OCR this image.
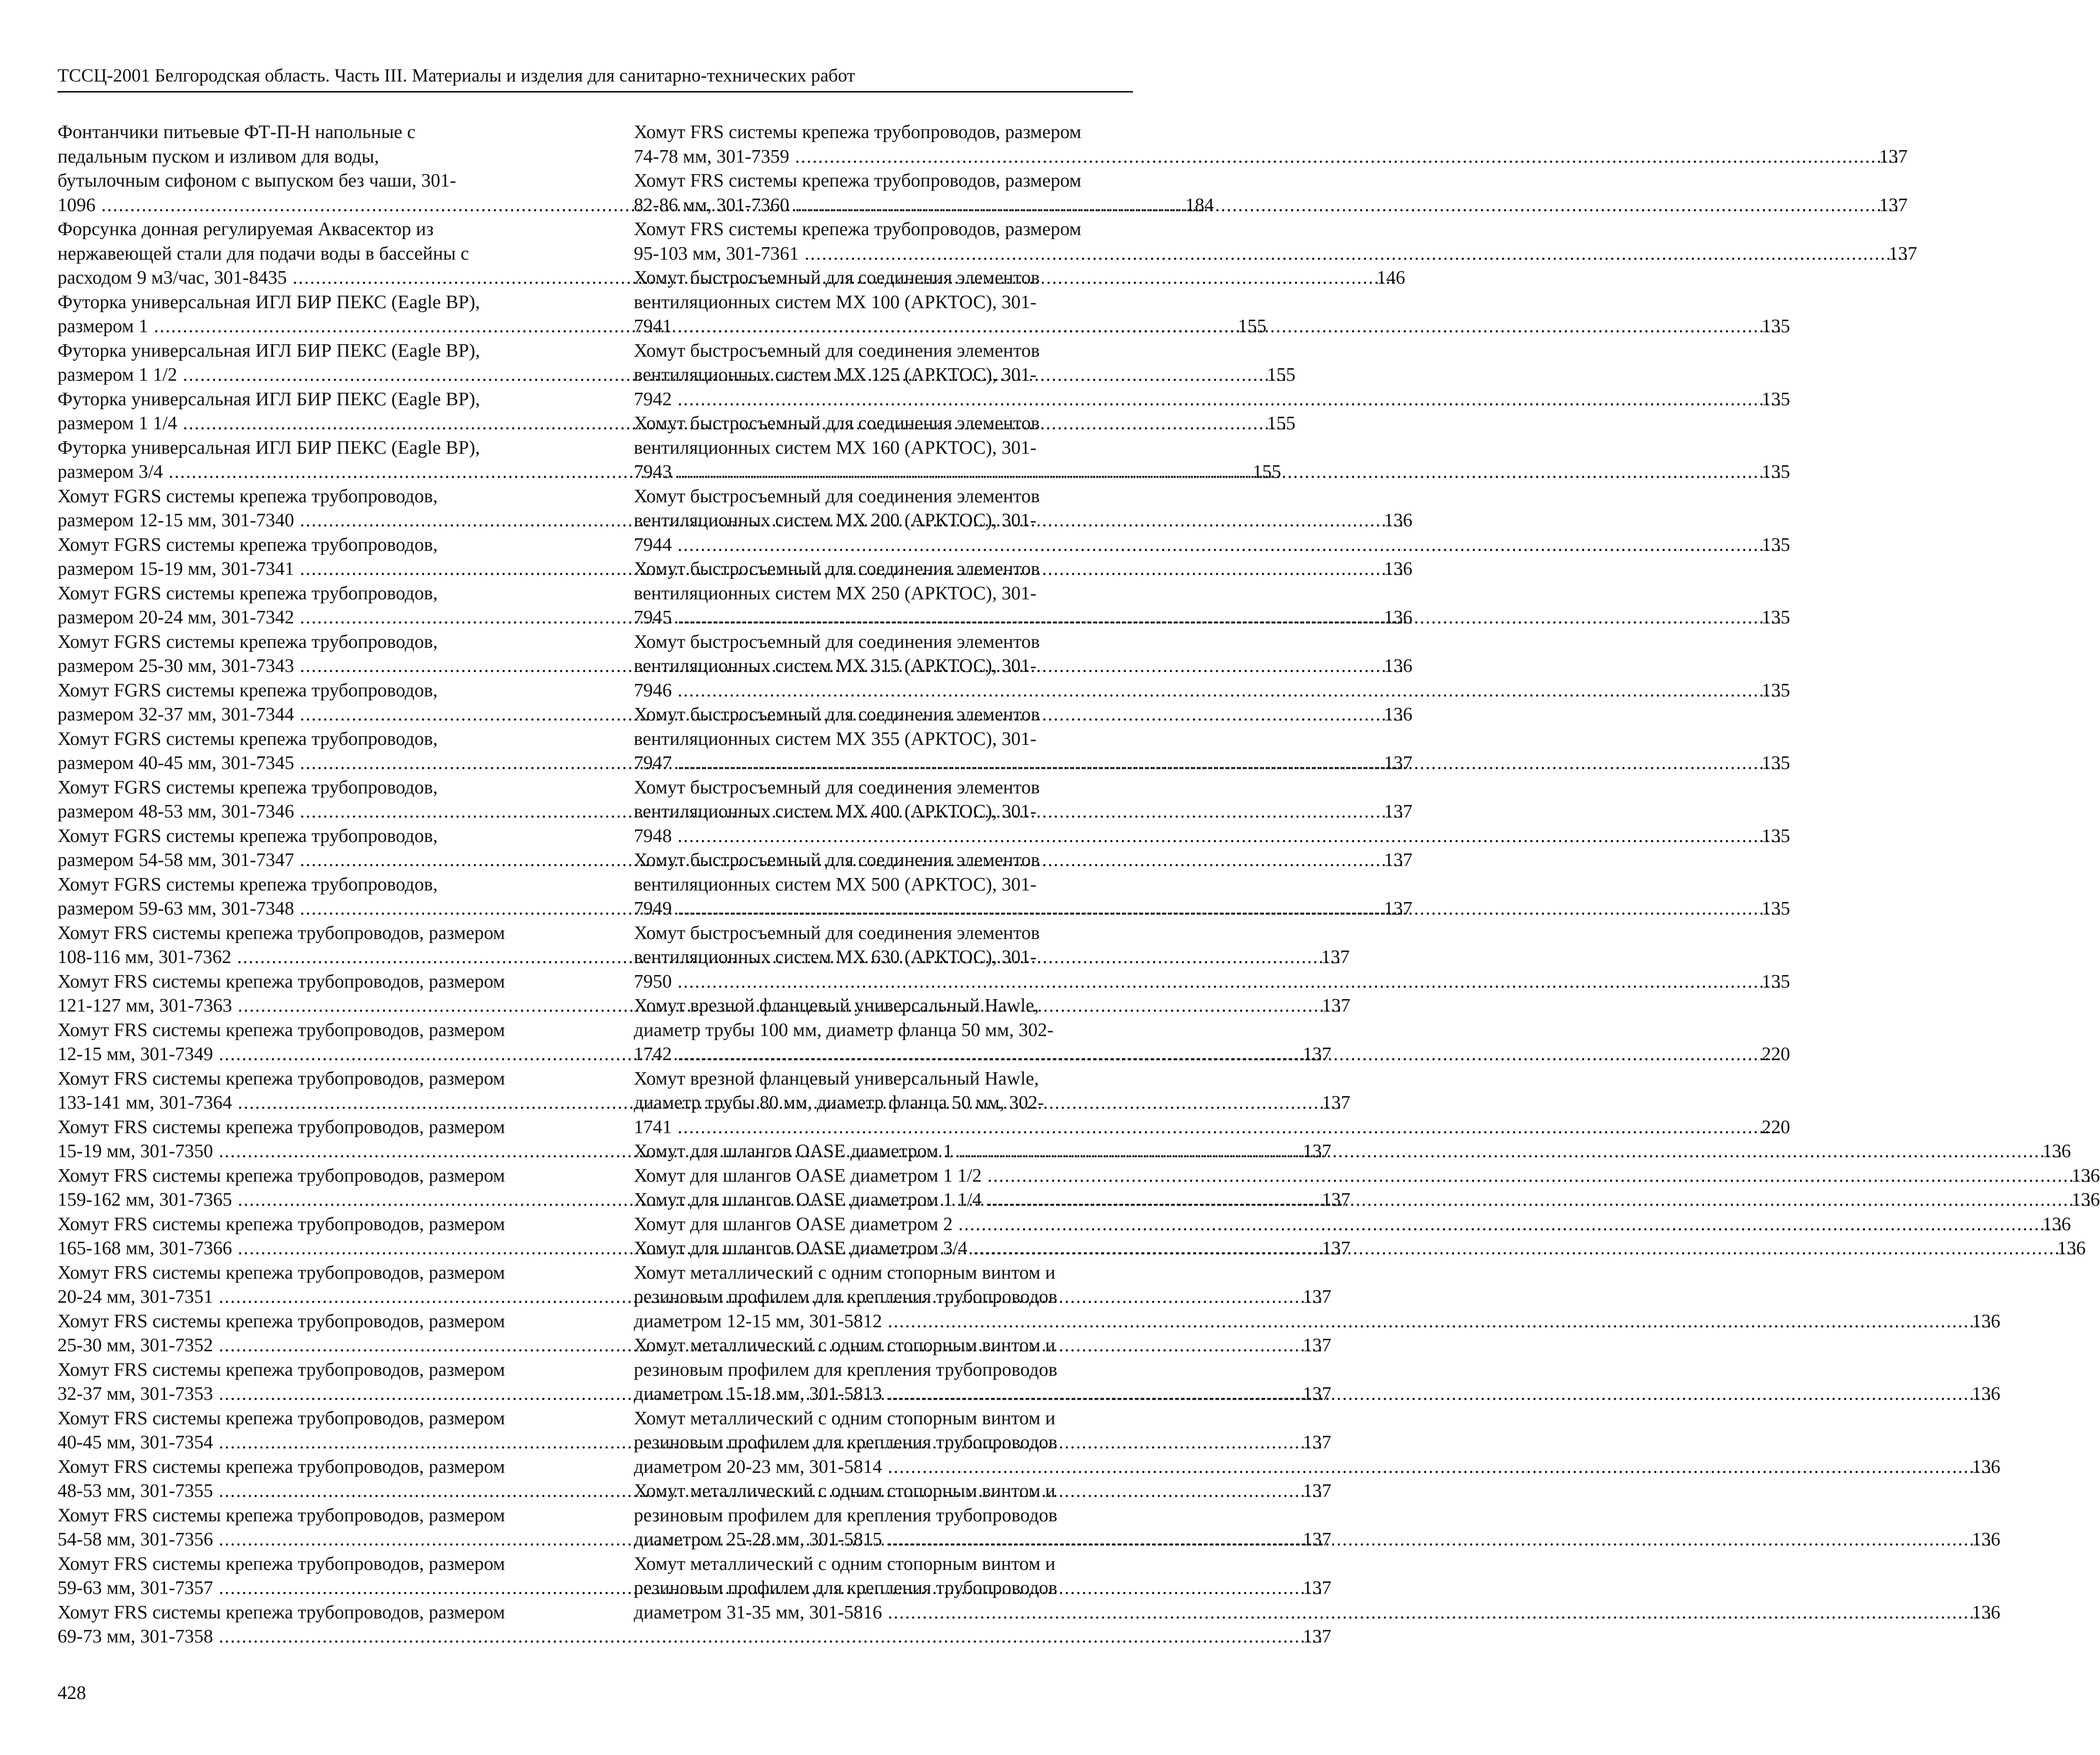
ТССЦ-2001 Белгородская область. Часть III. Материалы и изделия для санитарно-технических работ
Фонтанчики питьевые ФТ-П-Н напольные с
педальным пуском и изливом для воды,
бутылочным сифоном с выпуском без чаши, 301-
1096 .....	184
Форсунка донная регулируемая Аквасектор из
нержавеющей стали для подачи воды в бассейны с
расходом 9 м3/час, 301-8435 .....	146
Футорка универсальная ИГЛ БИР ПЕКС (Eagle BP),
размером 1 .....	155
Футорка универсальная ИГЛ БИР ПЕКС (Eagle BP),
размером 1 1/2 .....	155
Футорка универсальная ИГЛ БИР ПЕКС (Eagle BP),
размером 1 1/4 .....	155
Футорка универсальная ИГЛ БИР ПЕКС (Eagle BP),
размером 3/4 .....	155
Хомут FGRS системы крепежа трубопроводов,
размером 12-15 мм, 301-7340 .....	136
Хомут FGRS системы крепежа трубопроводов,
размером 15-19 мм, 301-7341 .....	136
Хомут FGRS системы крепежа трубопроводов,
размером 20-24 мм, 301-7342 .....	136
Хомут FGRS системы крепежа трубопроводов,
размером 25-30 мм, 301-7343 .....	136
Хомут FGRS системы крепежа трубопроводов,
размером 32-37 мм, 301-7344 .....	136
Хомут FGRS системы крепежа трубопроводов,
размером 40-45 мм, 301-7345 .....	137
Хомут FGRS системы крепежа трубопроводов,
размером 48-53 мм, 301-7346 .....	137
Хомут FGRS системы крепежа трубопроводов,
размером 54-58 мм, 301-7347 .....	137
Хомут FGRS системы крепежа трубопроводов,
размером 59-63 мм, 301-7348 .....	137
Хомут FRS системы крепежа трубопроводов, размером
108-116 мм, 301-7362 .....	137
Хомут FRS системы крепежа трубопроводов, размером
121-127 мм, 301-7363 .....	137
Хомут FRS системы крепежа трубопроводов, размером
12-15 мм, 301-7349 .....	137
Хомут FRS системы крепежа трубопроводов, размером
133-141 мм, 301-7364 .....	137
Хомут FRS системы крепежа трубопроводов, размером
15-19 мм, 301-7350 .....	137
Хомут FRS системы крепежа трубопроводов, размером
159-162 мм, 301-7365 .....	137
Хомут FRS системы крепежа трубопроводов, размером
165-168 мм, 301-7366 .....	137
Хомут FRS системы крепежа трубопроводов, размером
20-24 мм, 301-7351 .....	137
Хомут FRS системы крепежа трубопроводов, размером
25-30 мм, 301-7352 .....	137
Хомут FRS системы крепежа трубопроводов, размером
32-37 мм, 301-7353 .....	137
Хомут FRS системы крепежа трубопроводов, размером
40-45 мм, 301-7354 .....	137
Хомут FRS системы крепежа трубопроводов, размером
48-53 мм, 301-7355 .....	137
Хомут FRS системы крепежа трубопроводов, размером
54-58 мм, 301-7356 .....	137
Хомут FRS системы крепежа трубопроводов, размером
59-63 мм, 301-7357 .....	137
Хомут FRS системы крепежа трубопроводов, размером
69-73 мм, 301-7358 .....	137
Хомут FRS системы крепежа трубопроводов, размером
74-78 мм, 301-7359 .....	137
Хомут FRS системы крепежа трубопроводов, размером
82-86 мм, 301-7360 .....	137
Хомут FRS системы крепежа трубопроводов, размером
95-103 мм, 301-7361 .....	137
Хомут быстросъемный для соединения элементов
вентиляционных систем MX 100 (АРКТОС), 301-
7941 .....	135
Хомут быстросъемный для соединения элементов
вентиляционных систем MX 125 (АРКТОС), 301-
7942 .....	135
Хомут быстросъемный для соединения элементов
вентиляционных систем MX 160 (АРКТОС), 301-
7943 .....	135
Хомут быстросъемный для соединения элементов
вентиляционных систем MX 200 (АРКТОС), 301-
7944 .....	135
Хомут быстросъемный для соединения элементов
вентиляционных систем MX 250 (АРКТОС), 301-
7945 .....	135
Хомут быстросъемный для соединения элементов
вентиляционных систем MX 315 (АРКТОС), 301-
7946 .....	135
Хомут быстросъемный для соединения элементов
вентиляционных систем MX 355 (АРКТОС), 301-
7947 .....	135
Хомут быстросъемный для соединения элементов
вентиляционных систем MX 400 (АРКТОС), 301-
7948 .....	135
Хомут быстросъемный для соединения элементов
вентиляционных систем MX 500 (АРКТОС), 301-
7949 .....	135
Хомут быстросъемный для соединения элементов
вентиляционных систем MX 630 (АРКТОС), 301-
7950 .....	135
Хомут врезной фланцевый универсальный Hawle,
диаметр трубы 100 мм, диаметр фланца 50 мм, 302-
1742 .....	220
Хомут врезной фланцевый универсальный Hawle,
диаметр трубы 80 мм, диаметр фланца 50 мм, 302-
1741 .....	220
Хомут для шлангов OASE диаметром 1 .....	136
Хомут для шлангов OASE диаметром 1 1/2 .....	136
Хомут для шлангов OASE диаметром 1 1/4 .....	136
Хомут для шлангов OASE диаметром 2 .....	136
Хомут для шлангов OASE диаметром 3/4 .....	136
Хомут металлический с одним стопорным винтом и
резиновым профилем для крепления трубопроводов
диаметром 12-15 мм, 301-5812 .....	136
Хомут металлический с одним стопорным винтом и
резиновым профилем для крепления трубопроводов
диаметром 15-18 мм, 301-5813 .....	136
Хомут металлический с одним стопорным винтом и
резиновым профилем для крепления трубопроводов
диаметром 20-23 мм, 301-5814 .....	136
Хомут металлический с одним стопорным винтом и
резиновым профилем для крепления трубопроводов
диаметром 25-28 мм, 301-5815 .....	136
Хомут металлический с одним стопорным винтом и
резиновым профилем для крепления трубопроводов
диаметром 31-35 мм, 301-5816 .....	136
428
